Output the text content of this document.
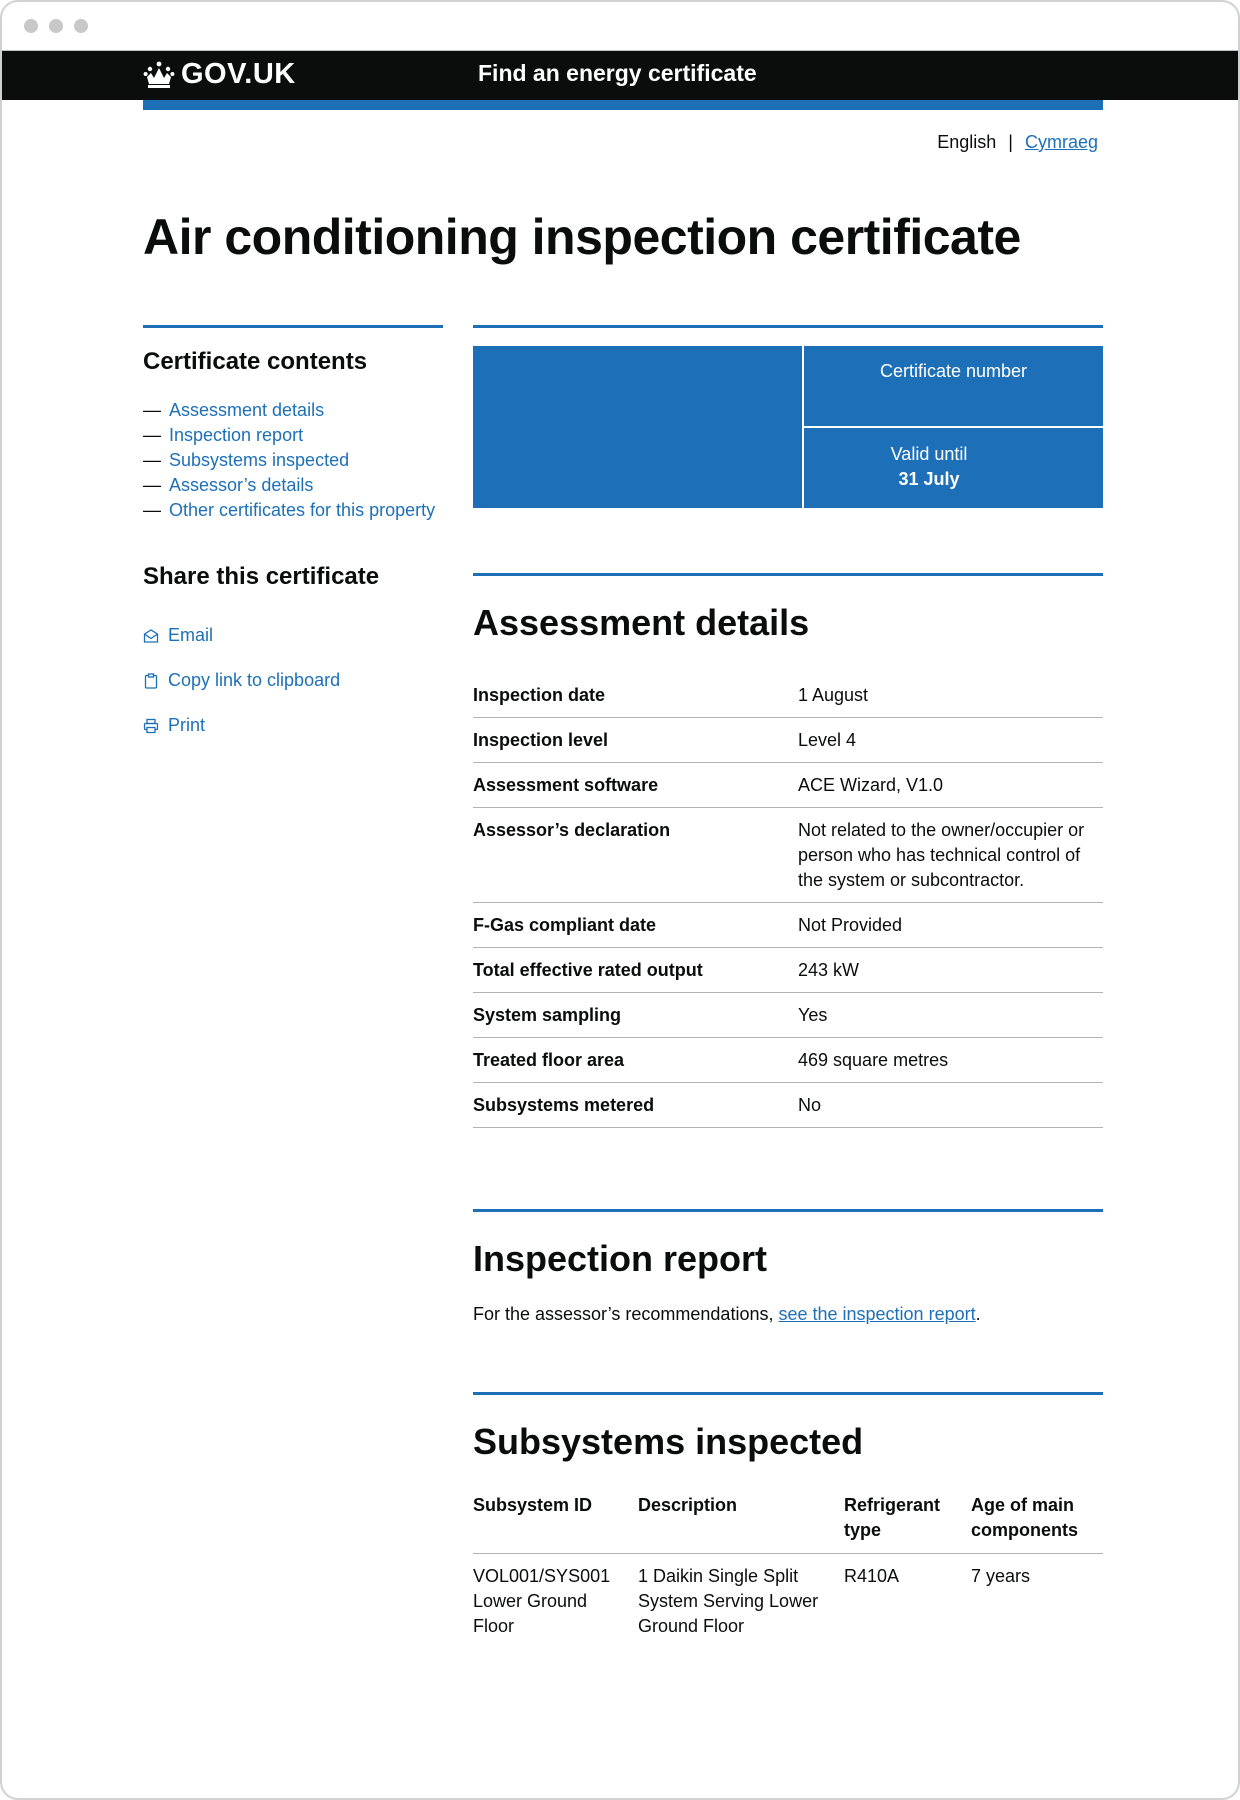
GOV.UK	Find an energy certificate
English | Cymraeg
Air conditioning inspection certificate
Certificate contents
— Assessment details
— Inspection report
— Subsystems inspected
— Assessor’s details
— Other certificates for this property
Share this certificate
Email
Copy link to clipboard
Print
Certificate number
Valid until
31 July
Assessment details
Inspection date	1 August
Inspection level	Level 4
Assessment software	ACE Wizard, V1.0
Assessor’s declaration	Not related to the owner/occupier or person who has technical control of the system or subcontractor.
F-Gas compliant date	Not Provided
Total effective rated output	243 kW
System sampling	Yes
Treated floor area	469 square metres
Subsystems metered	No
Inspection report

For the assessor’s recommendations, see the inspection report.

Subsystems inspected
Subsystem ID	Description	Refrigerant type	Age of main components
VOL001/SYS001 Lower Ground Floor	1 Daikin Single Split System Serving Lower Ground Floor	R410A	7 years
